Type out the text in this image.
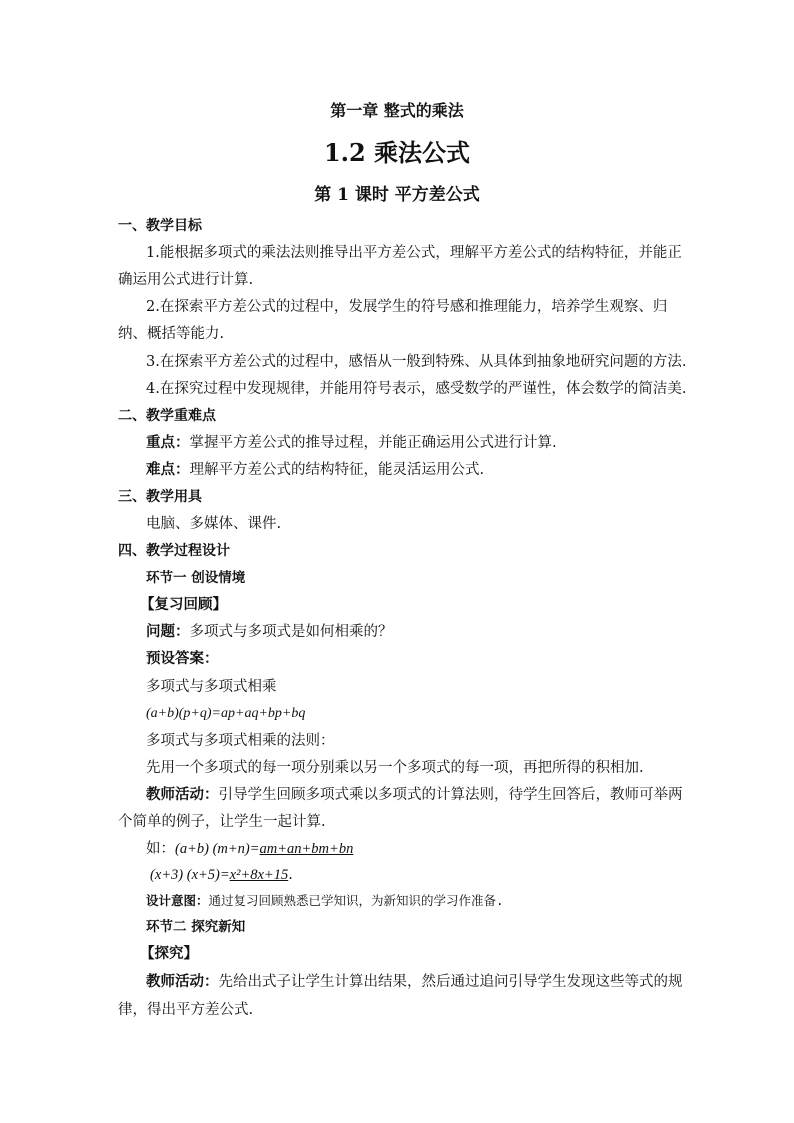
第一章 整式的乘法
1.2 乘法公式
第 1 课时 平方差公式
一、教学目标
1.能根据多项式的乘法法则推导出平方差公式，理解平方差公式的结构特征，并能正
确运用公式进行计算.
2.在探索平方差公式的过程中，发展学生的符号感和推理能力，培养学生观察、归
纳、概括等能力.
3.在探索平方差公式的过程中，感悟从一般到特殊、从具体到抽象地研究问题的方法.
4.在探究过程中发现规律，并能用符号表示，感受数学的严谨性，体会数学的简洁美.
二、教学重难点
重点：掌握平方差公式的推导过程，并能正确运用公式进行计算.
难点：理解平方差公式的结构特征，能灵活运用公式.
三、教学用具
电脑、多媒体、课件.
四、教学过程设计
环节一 创设情境
【复习回顾】
问题：多项式与多项式是如何相乘的？
预设答案：
多项式与多项式相乘
(a+b)(p+q)=ap+aq+bp+bq
多项式与多项式相乘的法则：
先用一个多项式的每一项分别乘以另一个多项式的每一项，再把所得的积相加.
教师活动：引导学生回顾多项式乘以多项式的计算法则，待学生回答后，教师可举两
个简单的例子，让学生一起计算.
如：(a+b) (m+n)=am+an+bm+bn
(x+3) (x+5)=x²+8x+15.
设计意图：通过复习回顾熟悉已学知识，为新知识的学习作准备.
环节二 探究新知
【探究】
教师活动：先给出式子让学生计算出结果，然后通过追问引导学生发现这些等式的规
律，得出平方差公式.
